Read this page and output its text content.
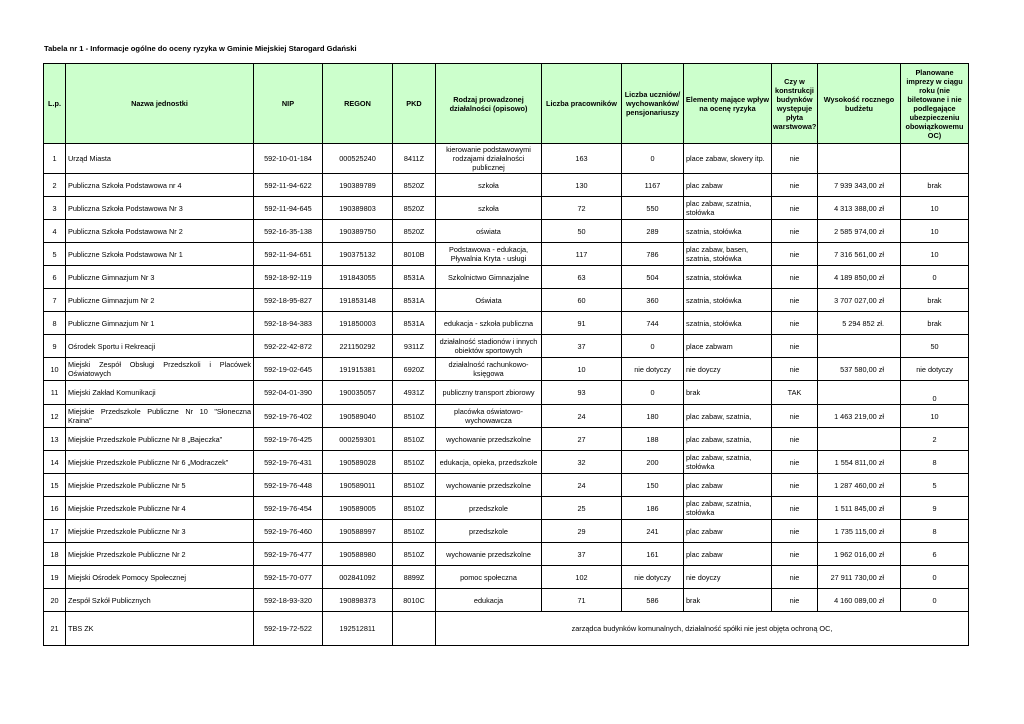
Tabela nr 1 - Informacje ogólne do oceny ryzyka w Gminie Miejskiej Starogard Gdański
L.p.	Nazwa jednostki	NIP	REGON	PKD	Rodzaj prowadzonej działalności (opisowo)	Liczba pracowników	Liczba uczniów/ wychowanków/ pensjonariuszy	Elementy mające wpływ na ocenę ryzyka	Czy w konstrukcji budynków występuje płyta warstwowa?	Wysokość rocznego budżetu	Planowane imprezy w ciągu roku (nie biletowane i nie podlegające ubezpieczeniu obowiązkowemu OC)
1	Urząd Miasta	592-10-01-184	000525240	8411Z	kierowanie podstawowymi rodzajami działalności publicznej	163	0	place zabaw, skwery itp.	nie		
2	Publiczna Szkoła Podstawowa nr 4	592-11-94-622	190389789	8520Z	szkoła	130	1167	plac zabaw	nie	7 939 343,00 zł	brak
3	Publiczna Szkoła Podstawowa Nr 3	592-11-94-645	190389803	8520Z	szkoła	72	550	plac zabaw, szatnia, stołówka	nie	4 313 388,00 zł	10
4	Publiczna Szkoła Podstawowa Nr 2	592-16-35-138	190389750	8520Z	oświata	50	289	szatnia, stołówka	nie	2 585 974,00 zł	10
5	Publiczne Szkoła Podstawowa Nr 1	592-11-94-651	190375132	8010B	Podstawowa - edukacja, Pływalnia Kryta - usługi	117	786	plac zabaw, basen, szatnia, stołówka	nie	7 316 561,00 zł	10
6	Publiczne Gimnazjum Nr 3	592-18-92-119	191843055	8531A	Szkolnictwo Gimnazjalne	63	504	szatnia, stołówka	nie	4 189 850,00 zł	0
7	Publiczne Gimnazjum Nr 2	592-18-95-827	191853148	8531A	Oświata	60	360	szatnia, stołówka	nie	3 707 027,00 zł	brak
8	Publiczne Gimnazjum Nr 1	592-18-94-383	191850003	8531A	edukacja - szkoła publiczna	91	744	szatnia, stołówka	nie	5 294 852 zł.	brak
9	Ośrodek Sportu i Rekreacji	592-22-42-872	221150292	9311Z	działalność stadionów i innych obiektów sportowych	37	0	place zabwam	nie		50
10	Miejski Zespół Obsługi Przedszkoli i Placówek Oświatowych	592-19-02-645	191915381	6920Z	działalność rachunkowo-księgowa	10	nie dotyczy	nie doyczy	nie	537 580,00 zł	nie dotyczy
11	Miejski Zakład Komunikacji	592-04-01-390	190035057	4931Z	publiczny transport zbiorowy	93	0	brak	TAK		0
12	Miejskie Przedszkole Publiczne Nr 10 "Słoneczna Kraina"	592-19-76-402	190589040	8510Z	placówka oświatowo-wychowawcza	24	180	plac zabaw, szatnia,	nie	1 463 219,00 zł	10
13	Miejskie Przedszkole Publiczne Nr 8 „Bajeczka”	592-19-76-425	000259301	8510Z	wychowanie przedszkolne	27	188	plac zabaw, szatnia,	nie		2
14	Miejskie Przedszkole Publiczne Nr 6 „Modraczek”	592-19-76-431	190589028	8510Z	edukacja, opieka, przedszkole	32	200	plac zabaw, szatnia, stołówka	nie	1 554 811,00 zł	8
15	Miejskie Przedszkole Publiczne Nr 5	592-19-76-448	190589011	8510Z	wychowanie przedszkolne	24	150	plac zabaw	nie	1 287 460,00 zł	5
16	Miejskie Przedszkole Publiczne Nr 4	592-19-76-454	190589005	8510Z	przedszkole	25	186	plac zabaw, szatnia, stołówka	nie	1 511 845,00 zł	9
17	Miejskie Przedszkole Publiczne Nr 3	592-19-76-460	190588997	8510Z	przedszkole	29	241	plac zabaw	nie	1 735 115,00 zł	8
18	Miejskie Przedszkole Publiczne Nr 2	592-19-76-477	190588980	8510Z	wychowanie przedszkolne	37	161	plac zabaw	nie	1 962 016,00 zł	6
19	Miejski Ośrodek Pomocy Społecznej	592-15-70-077	002841092	8899Z	pomoc społeczna	102	nie dotyczy	nie doyczy	nie	27 911 730,00 zł	0
20	Zespół Szkół Publicznych	592-18-93-320	190898373	8010C	edukacja	71	586	brak	nie	4 160 089,00 zł	0
21	TBS ZK	592-19-72-522	192512811		zarządca budynków komunalnych, działalność spółki nie jest objęta ochroną OC,						
